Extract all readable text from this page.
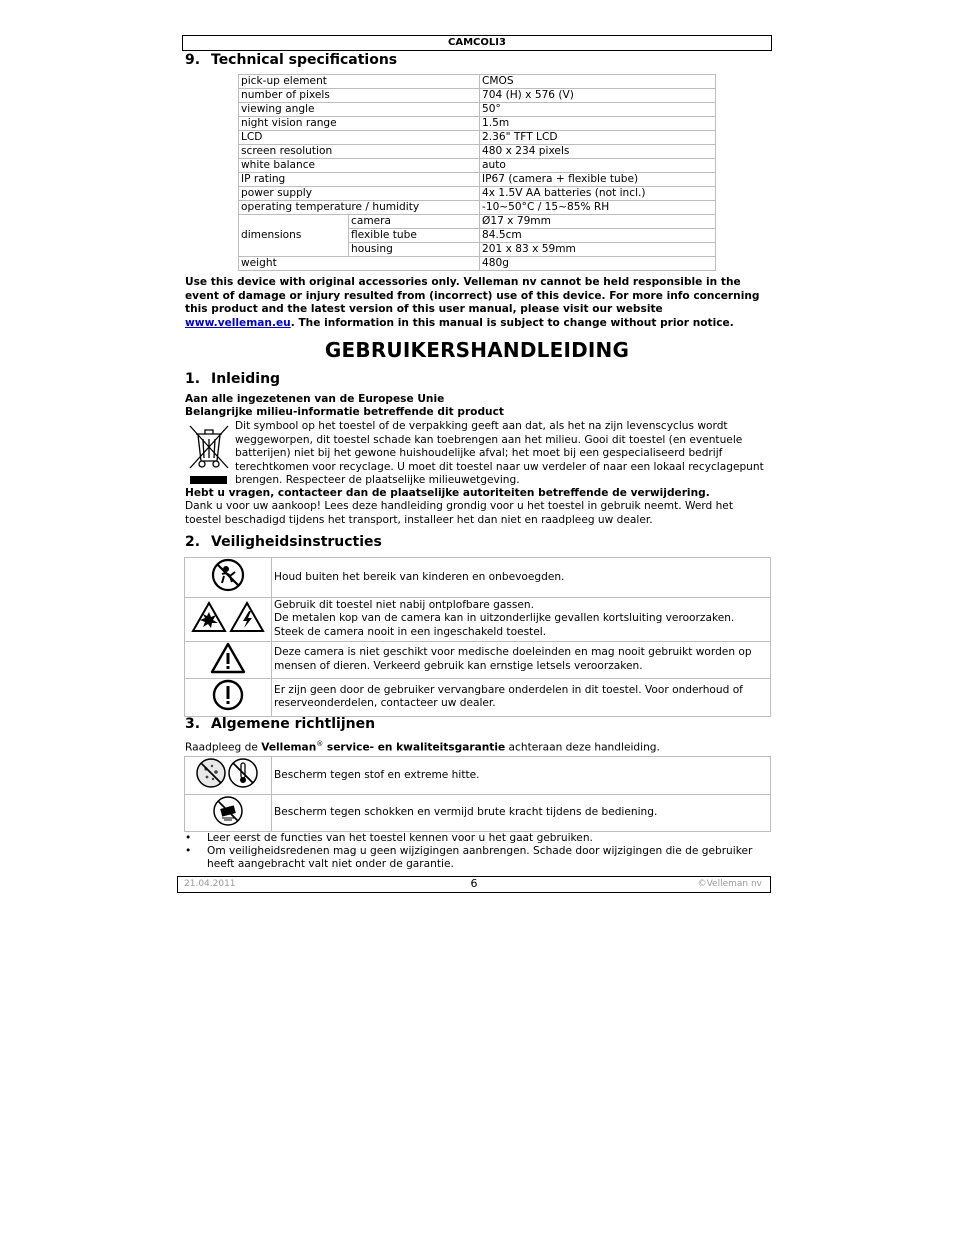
CAMCOLI3
9. Technical specifications
pick-up element		CMOS
number of pixels		704 (H) x 576 (V)
viewing angle		50°
night vision range		1.5m
LCD		2.36" TFT LCD
screen resolution		480 x 234 pixels
white balance		auto
IP rating		IP67 (camera + flexible tube)
power supply		4x 1.5V AA batteries (not incl.)
operating temperature / humidity		-10~50°C / 15~85% RH
dimensions	camera	Ø17 x 79mm
	flexible tube	84.5cm
	housing	201 x 83 x 59mm
weight		480g
Use this device with original accessories only. Velleman nv cannot be held responsible in the event of damage or injury resulted from (incorrect) use of this device. For more info concerning this product and the latest version of this user manual, please visit our website www.velleman.eu. The information in this manual is subject to change without prior notice.
GEBRUIKERSHANDLEIDING
1. Inleiding
Aan alle ingezetenen van de Europese Unie
Belangrijke milieu-informatie betreffende dit product
Dit symbool op het toestel of de verpakking geeft aan dat, als het na zijn levenscyclus wordt weggeworpen, dit toestel schade kan toebrengen aan het milieu. Gooi dit toestel (en eventuele batterijen) niet bij het gewone huishoudelijke afval; het moet bij een gespecialiseerd bedrijf terechtkomen voor recyclage. U moet dit toestel naar uw verdeler of naar een lokaal recyclagepunt brengen. Respecteer de plaatselijke milieuwetgeving.
Hebt u vragen, contacteer dan de plaatselijke autoriteiten betreffende de verwijdering.
Dank u voor uw aankoop! Lees deze handleiding grondig voor u het toestel in gebruik neemt. Werd het toestel beschadigd tijdens het transport, installeer het dan niet en raadpleeg uw dealer.
2. Veiligheidsinstructies

Houd buiten het bereik van kinderen en onbevoegden.

Gebruik dit toestel niet nabij ontplofbare gassen.
De metalen kop van de camera kan in uitzonderlijke gevallen kortsluiting veroorzaken.
Steek de camera nooit in een ingeschakeld toestel.

Deze camera is niet geschikt voor medische doeleinden en mag nooit gebruikt worden op mensen of dieren. Verkeerd gebruik kan ernstige letsels veroorzaken.

Er zijn geen door de gebruiker vervangbare onderdelen in dit toestel. Voor onderhoud of reserveonderdelen, contacteer uw dealer.
3. Algemene richtlijnen
Raadpleeg de Velleman® service- en kwaliteitsgarantie achteraan deze handleiding.
	Bescherm tegen stof en extreme hitte.
	Bescherm tegen schokken en vermijd brute kracht tijdens de bediening.
• Leer eerst de functies van het toestel kennen voor u het gaat gebruiken.
• Om veiligheidsredenen mag u geen wijzigingen aanbrengen. Schade door wijzigingen die de gebruiker heeft aangebracht valt niet onder de garantie.
21.04.2011	6	©Velleman nv
